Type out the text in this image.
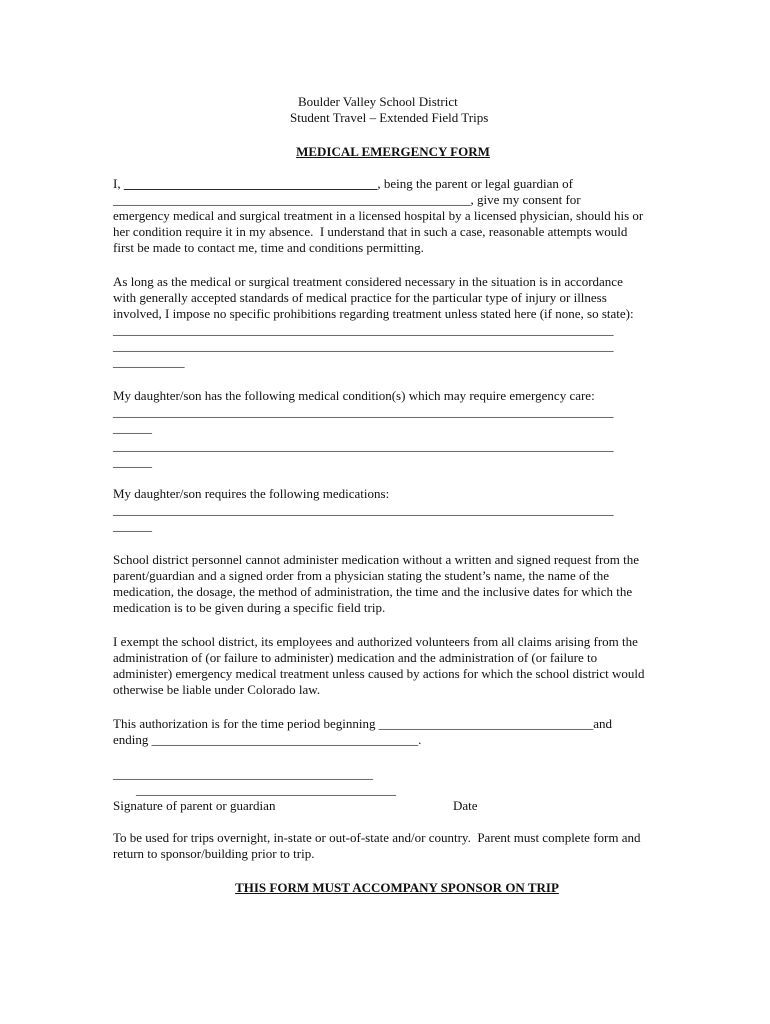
Boulder Valley School District

Student Travel – Extended Field Trips

MEDICAL EMERGENCY FORM

I, _______________________________________, being the parent or legal guardian of

_______________________________________________________, give my consent for

emergency medical and surgical treatment in a licensed hospital by a licensed physician, should his or

her condition require it in my absence.  I understand that in such a case, reasonable attempts would

first be made to contact me, time and conditions permitting.

As long as the medical or surgical treatment considered necessary in the situation is in accordance

with generally accepted standards of medical practice for the particular type of injury or illness

involved, I impose no specific prohibitions regarding treatment unless stated here (if none, so state):

_____________________________________________________________________________

_____________________________________________________________________________

___________

My daughter/son has the following medical condition(s) which may require emergency care:

_____________________________________________________________________________

______

_____________________________________________________________________________

______

My daughter/son requires the following medications:

_____________________________________________________________________________

______

School district personnel cannot administer medication without a written and signed request from the

parent/guardian and a signed order from a physician stating the student’s name, the name of the

medication, the dosage, the method of administration, the time and the inclusive dates for which the

medication is to be given during a specific field trip.

I exempt the school district, its employees and authorized volunteers from all claims arising from the

administration of (or failure to administer) medication and the administration of (or failure to

administer) emergency medical treatment unless caused by actions for which the school district would

otherwise be liable under Colorado law.

This authorization is for the time period beginning _________________________________and

ending _________________________________________.

________________________________________

________________________________________

Signature of parent or guardian	Date

To be used for trips overnight, in-state or out-of-state and/or country.  Parent must complete form and

return to sponsor/building prior to trip.

THIS FORM MUST ACCOMPANY SPONSOR ON TRIP
